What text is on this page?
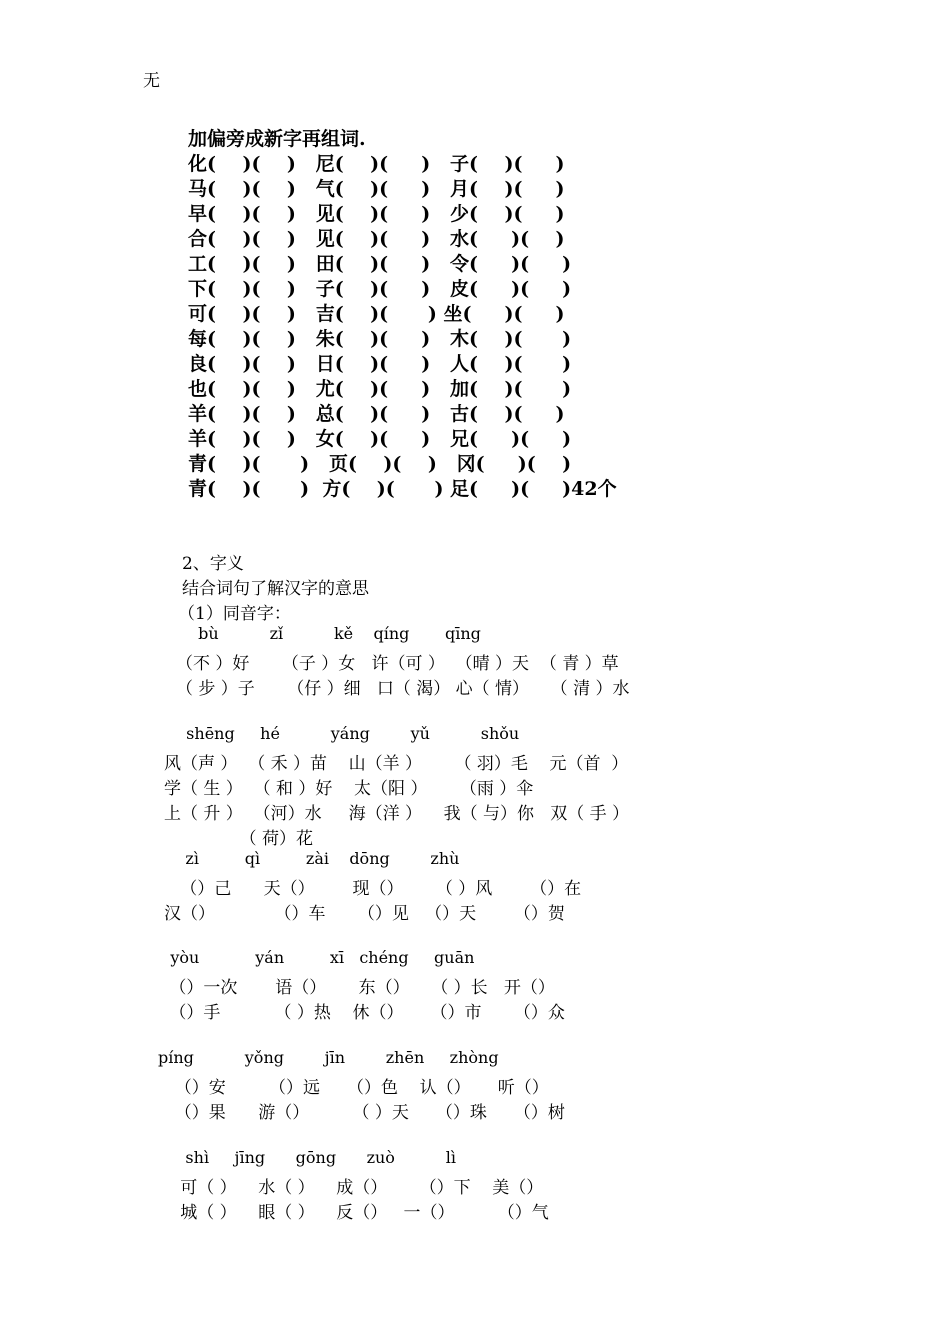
无
加偏旁成新字再组词.
化(    )(    )   尼(    )(     )   子(    )(     )
马(    )(    )   气(    )(     )   月(    )(     )
早(    )(    )   见(    )(     )   少(    )(     )
合(    )(    )   见(    )(     )   水(     )(    )
工(    )(    )   田(    )(     )   令(     )(     )
下(    )(    )   子(    )(     )   皮(     )(     )
可(    )(    )   吉(    )(      ) 坐(     )(     )
每(    )(    )   朱(    )(     )   木(    )(      )
良(    )(    )   日(    )(     )   人(    )(      )
也(    )(    )   尤(    )(     )   加(    )(      )
羊(    )(    )   总(    )(     )   古(    )(     )
羊(    )(    )   女(    )(     )   兄(     )(     )
青(    )(      )   页(    )(    )   冈(     )(    )
青(    )(      )  方(    )(      ) 足(     )(     )42个
2、字义
结合词句了解汉字的意思
（1）同音字：
bù          zǐ          kě    qíng       qīng
（不 ）好      （子 ）女   许（可 ）  （晴 ）天  （ 青 ）草
（ 步 ）子      （仔 ）细   口（ 渴） 心（ 情）    （ 清 ）水
shēng     hé          yáng        yǔ          shǒu
风（声 ）  （ 禾 ）苗    山（羊 ）      （ 羽）毛    元（首  ）
学（ 生 ）  （ 和 ）好    太（阳 ）      （雨 ）伞
上（ 升 ）  （河）水     海（洋 ）    我（ 与）你   双（ 手 ）
（ 荷）花
zì         qì         zài    dōng        zhù
（）己      天（）       现（）      （ ）风       （）在
汉（）           （）车      （）见   （）天       （）贺
yòu           yán         xī   chéng     guān
（）一次       语（）      东（）    （ ）长   开（）
（）手          （ ）热    休（）     （）市      （）众
píng          yǒng        jīn        zhēn     zhòng
（）安        （）远     （）色    认（）     听（）
（）果      游（）        （ ）天     （）珠     （）树
shì     jīng      gōng      zuò          lì
可（ ）    水（ ）    成（）      （）下    美（）
城（ ）    眼（ ）    反（）   一（）        （）气
